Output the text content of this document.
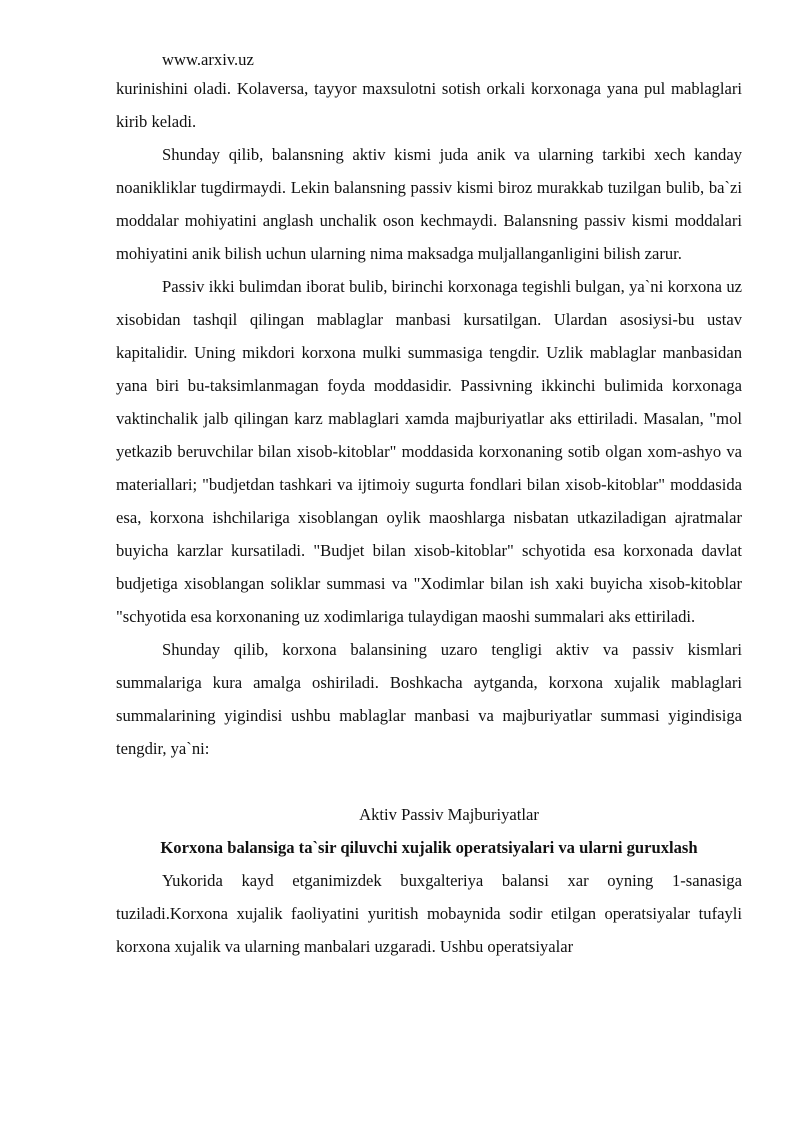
www.arxiv.uz

kurinishini oladi. Kolaversa, tayyor maxsulotni sotish orkali korxonaga yana pul mablaglari kirib keladi.

Shunday qilib, balansning aktiv kismi juda anik va ularning tarkibi xech kanday noanikliklar tugdirmaydi. Lekin balansning passiv kismi biroz murakkab tuzilgan bulib, ba`zi moddalar mohiyatini anglash unchalik oson kechmaydi. Balansning passiv kismi moddalari mohiyatini anik bilish uchun ularning nima maksadga muljallanganligini bilish zarur.

Passiv ikki bulimdan iborat bulib, birinchi korxonaga tegishli bulgan, ya`ni korxona uz xisobidan tashqil qilingan mablaglar manbasi kursatilgan. Ulardan asosiysi-bu ustav kapitalidir. Uning mikdori korxona mulki summasiga tengdir. Uzlik mablaglar manbasidan yana biri bu-taksimlanmagan foyda moddasidir. Passivning ikkinchi bulimida korxonaga vaktinchalik jalb qilingan karz mablaglari xamda majburiyatlar aks ettiriladi. Masalan, "mol yetkazib beruvchilar bilan xisob-kitoblar" moddasida korxonaning sotib olgan xom-ashyo va materiallari; "budjetdan tashkari va ijtimoiy sugurta fondlari bilan xisob-kitoblar" moddasida esa, korxona ishchilariga xisoblangan oylik maoshlarga nisbatan utkaziladigan ajratmalar buyicha karzlar kursatiladi. "Budjet bilan xisob-kitoblar" schyotida esa korxonada davlat budjetiga xisoblangan soliklar summasi va "Xodimlar bilan ish xaki buyicha xisob-kitoblar "schyotida esa korxonaning uz xodimlariga tulaydigan maoshi summalari aks ettiriladi.

Shunday qilib, korxona balansining uzaro tengligi aktiv va passiv kismlari summalariga kura amalga oshiriladi. Boshkacha aytganda, korxona xujalik mablaglari summalarining yigindisi ushbu mablaglar manbasi va majburiyatlar summasi yigindisiga tengdir, ya`ni:

Aktiv Passiv Majburiyatlar

Korxona balansiga ta`sir qiluvchi xujalik operatsiyalari va ularni guruxlash

Yukorida kayd etganimizdek buxgalteriya balansi xar oyning 1-sanasiga tuziladi.Korxona xujalik faoliyatini yuritish mobaynida sodir etilgan operatsiyalar tufayli korxona xujalik va ularning manbalari uzgaradi. Ushbu operatsiyalar
